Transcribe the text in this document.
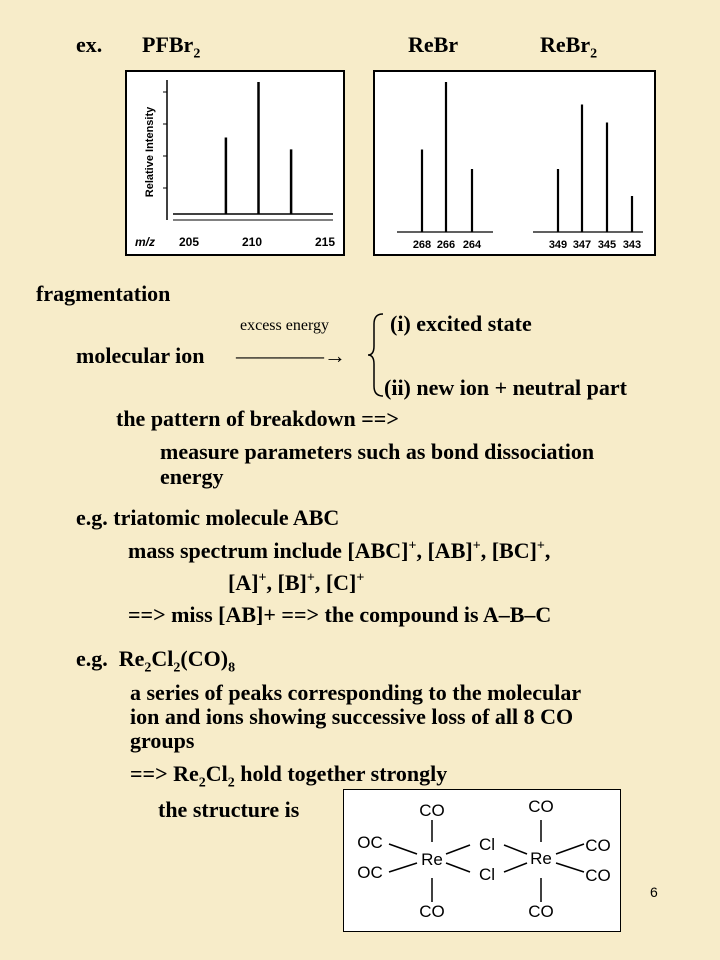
ex. PFBr$_2$	ReBr	ReBr$_2$
Relative Intensity
m/z 205	210	215	268 266 264	349 347 345 343
fragmentation
excess energy	(i) excited state
molecular ion ————→
(ii) new ion + neutral part
the pattern of breakdown ==>
measure parameters such as bond dissociation
energy
e.g. triatomic molecule ABC
mass spectrum include [ABC]+, [AB]+, [BC]+,
[A]+, [B]+, [C]+
==> miss [AB]+ ==> the compound is A–B–C
e.g. $Re_2Cl_2(CO)_8$
a series of peaks corresponding to the molecular
ion and ions showing successive loss of all 8 CO
groups
==> $Re_2Cl_2$ hold together strongly
the structure is	CO	CO
OC
OC
Re	Re
Cl
Cl
CO
CO
CO	CO
6
